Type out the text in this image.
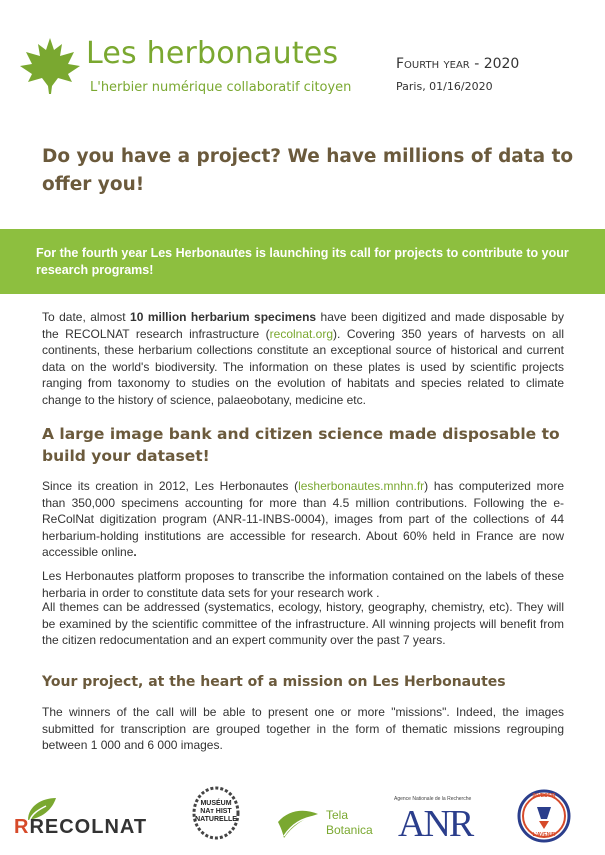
Les herbonautes
L'herbier numérique collaboratif citoyen
Fourth year - 2020
Paris, 01/16/2020
Do you have a project? We have millions of data to offer you!
For the fourth year Les Herbonautes is launching its call for projects to contribute to your research programs!
To date, almost 10 million herbarium specimens have been digitized and made disposable by the RECOLNAT research infrastructure (recolnat.org). Covering 350 years of harvests on all continents, these herbarium collections constitute an exceptional source of historical and current data on the world's biodiversity. The information on these plates is used by scientific projects ranging from taxonomy to studies on the evolution of habitats and species related to climate change to the history of science, palaeobotany, medicine etc.
A large image bank and citizen science made disposable to build your dataset!
Since its creation in 2012, Les Herbonautes (lesherbonautes.mnhn.fr) has computerized more than 350,000 specimens accounting for more than 4.5 million contributions. Following the e-ReColNat digitization program (ANR-11-INBS-0004), images from part of the collections of 44 herbarium-holding institutions are accessible for research. About 60% held in France are now accessible online.
Les Herbonautes platform proposes to transcribe the information contained on the labels of these herbaria in order to constitute data sets for your research work .
All themes can be addressed (systematics, ecology, history, geography, chemistry, etc). They will be examined by the scientific committee of the infrastructure. All winning projects will benefit from the citizen redocumentation and an expert community over the past 7 years.
Your project, at the heart of a mission on Les Herbonautes
The winners of the call will be able to present one or more "missions". Indeed, the images submitted for transcription are grouped together in the form of thematic missions regrouping between 1 000 and 6 000 images.
RRECOLNAT
MUSÉUM
NAᴛ HIST
NATURELLE	Tela
Botanica
Agence Nationale de la Recherche
ANR
INVESTIR
L'AVENIR
